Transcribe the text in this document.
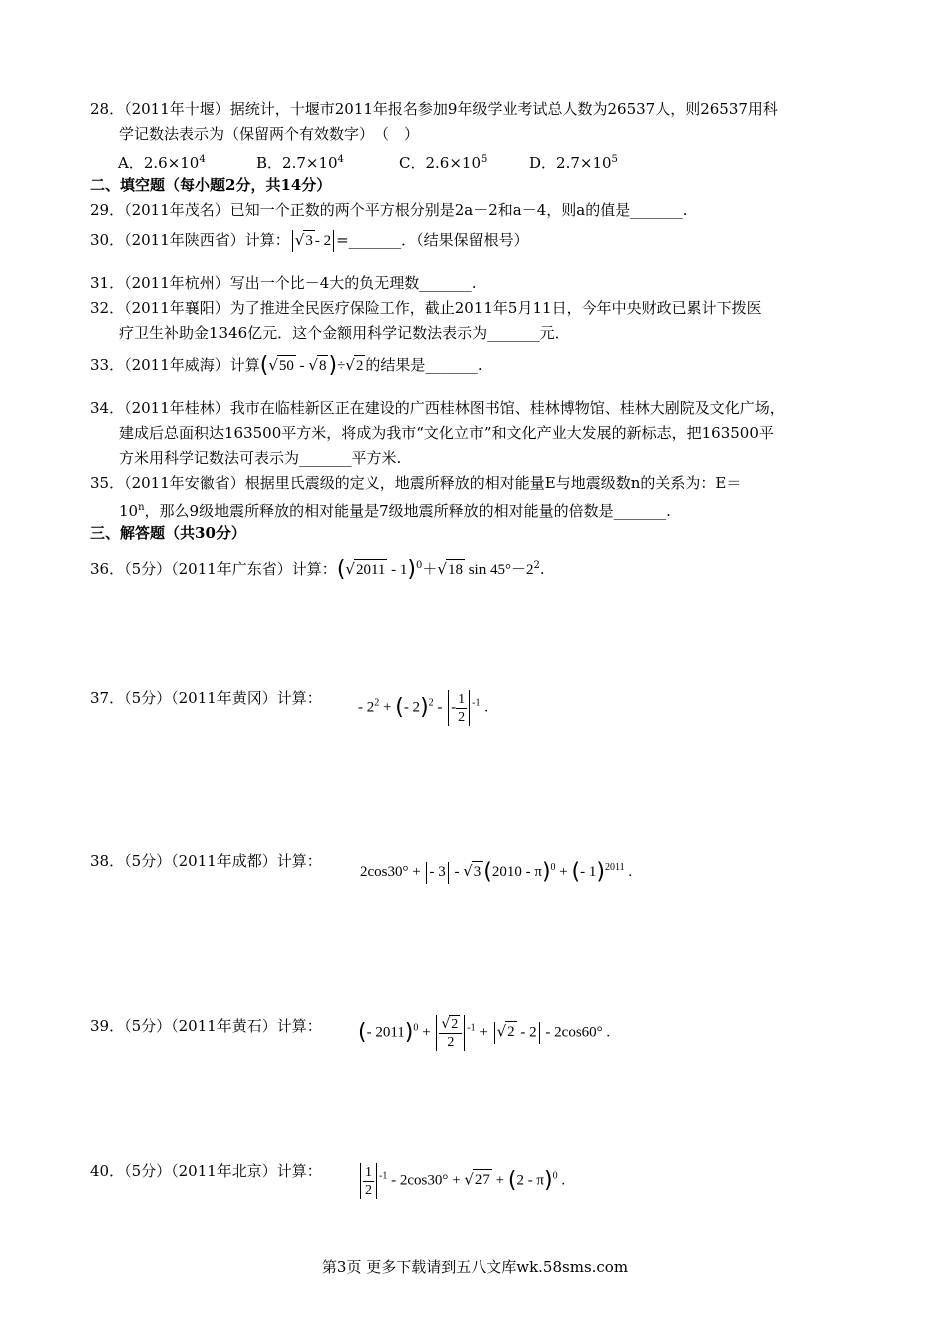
28．（2011年十堰）据统计，十堰市2011年报名参加9年级学业考试总人数为26537人，则26537用科
学记数法表示为（保留两个有效数字）　（　）
A．$2.6\times 10^4$	B．$2.7\times 10^4$	C．$2.6\times 10^5$	D．$2.7\times 10^5$
二、填空题（每小题2分，共14分）
29．（2011年茂名）已知一个正数的两个平方根分别是2a－2和a－4，则a的值是_______.
30．（2011年陕西省）计算： √3 - 2 =_______．（结果保留根号）
31．（2011年杭州）写出一个比－4大的负无理数_______.
32．（2011年襄阳）为了推进全民医疗保险工作，截止2011年5月11日，今年中央财政已累计下拨医
疗卫生补助金1346亿元．这个金额用科学记数法表示为_______元．
33．（2011年威海）计算(√50 - √8)÷√2 的结果是_______.
34．（2011年桂林）我市在临桂新区正在建设的广西桂林图书馆、桂林博物馆、桂林大剧院及文化广场，
建成后总面积达163500平方米，将成为我市“文化立市”和文化产业大发展的新标志，把163500平
方米用科学记数法可表示为_______平方米.
35．（2011年安徽省）根据里氏震级的定义，地震所释放的相对能量E与地震级数n的关系为：E＝
$10^n$，那么9级地震所释放的相对能量是7级地震所释放的相对能量的倍数是_______.
三、解答题（共30分）
36．（5分）（2011年广东省）计算：(√2011 - 1)$^0$＋√18 $\sin 45^\circ-2^2$.
37．（5分）（2011年黄冈）计算：
- $2^2$ + (- 2)$^2$ - - $\frac{1}{2} ^{-1}$ .
38．（5分）（2011年成都）计算：
2cos30° + - 3 - √3(2010 - π)$^0$ + (- 1)$^{2011}$ .
39．（5分）（2011年黄石）计算： (- $2011)^0 + \frac{√2}{2} ^{-1} + √2 - 2 - 2\cos 60^\circ$ .
40．（5分）（2011年北京）计算：	$\frac{1}{2} ^{-1} - 2\cos 30^\circ + √27 + (2 - \pi)^0$ .
第3页 更多下载请到五八文库wk.58sms.com
